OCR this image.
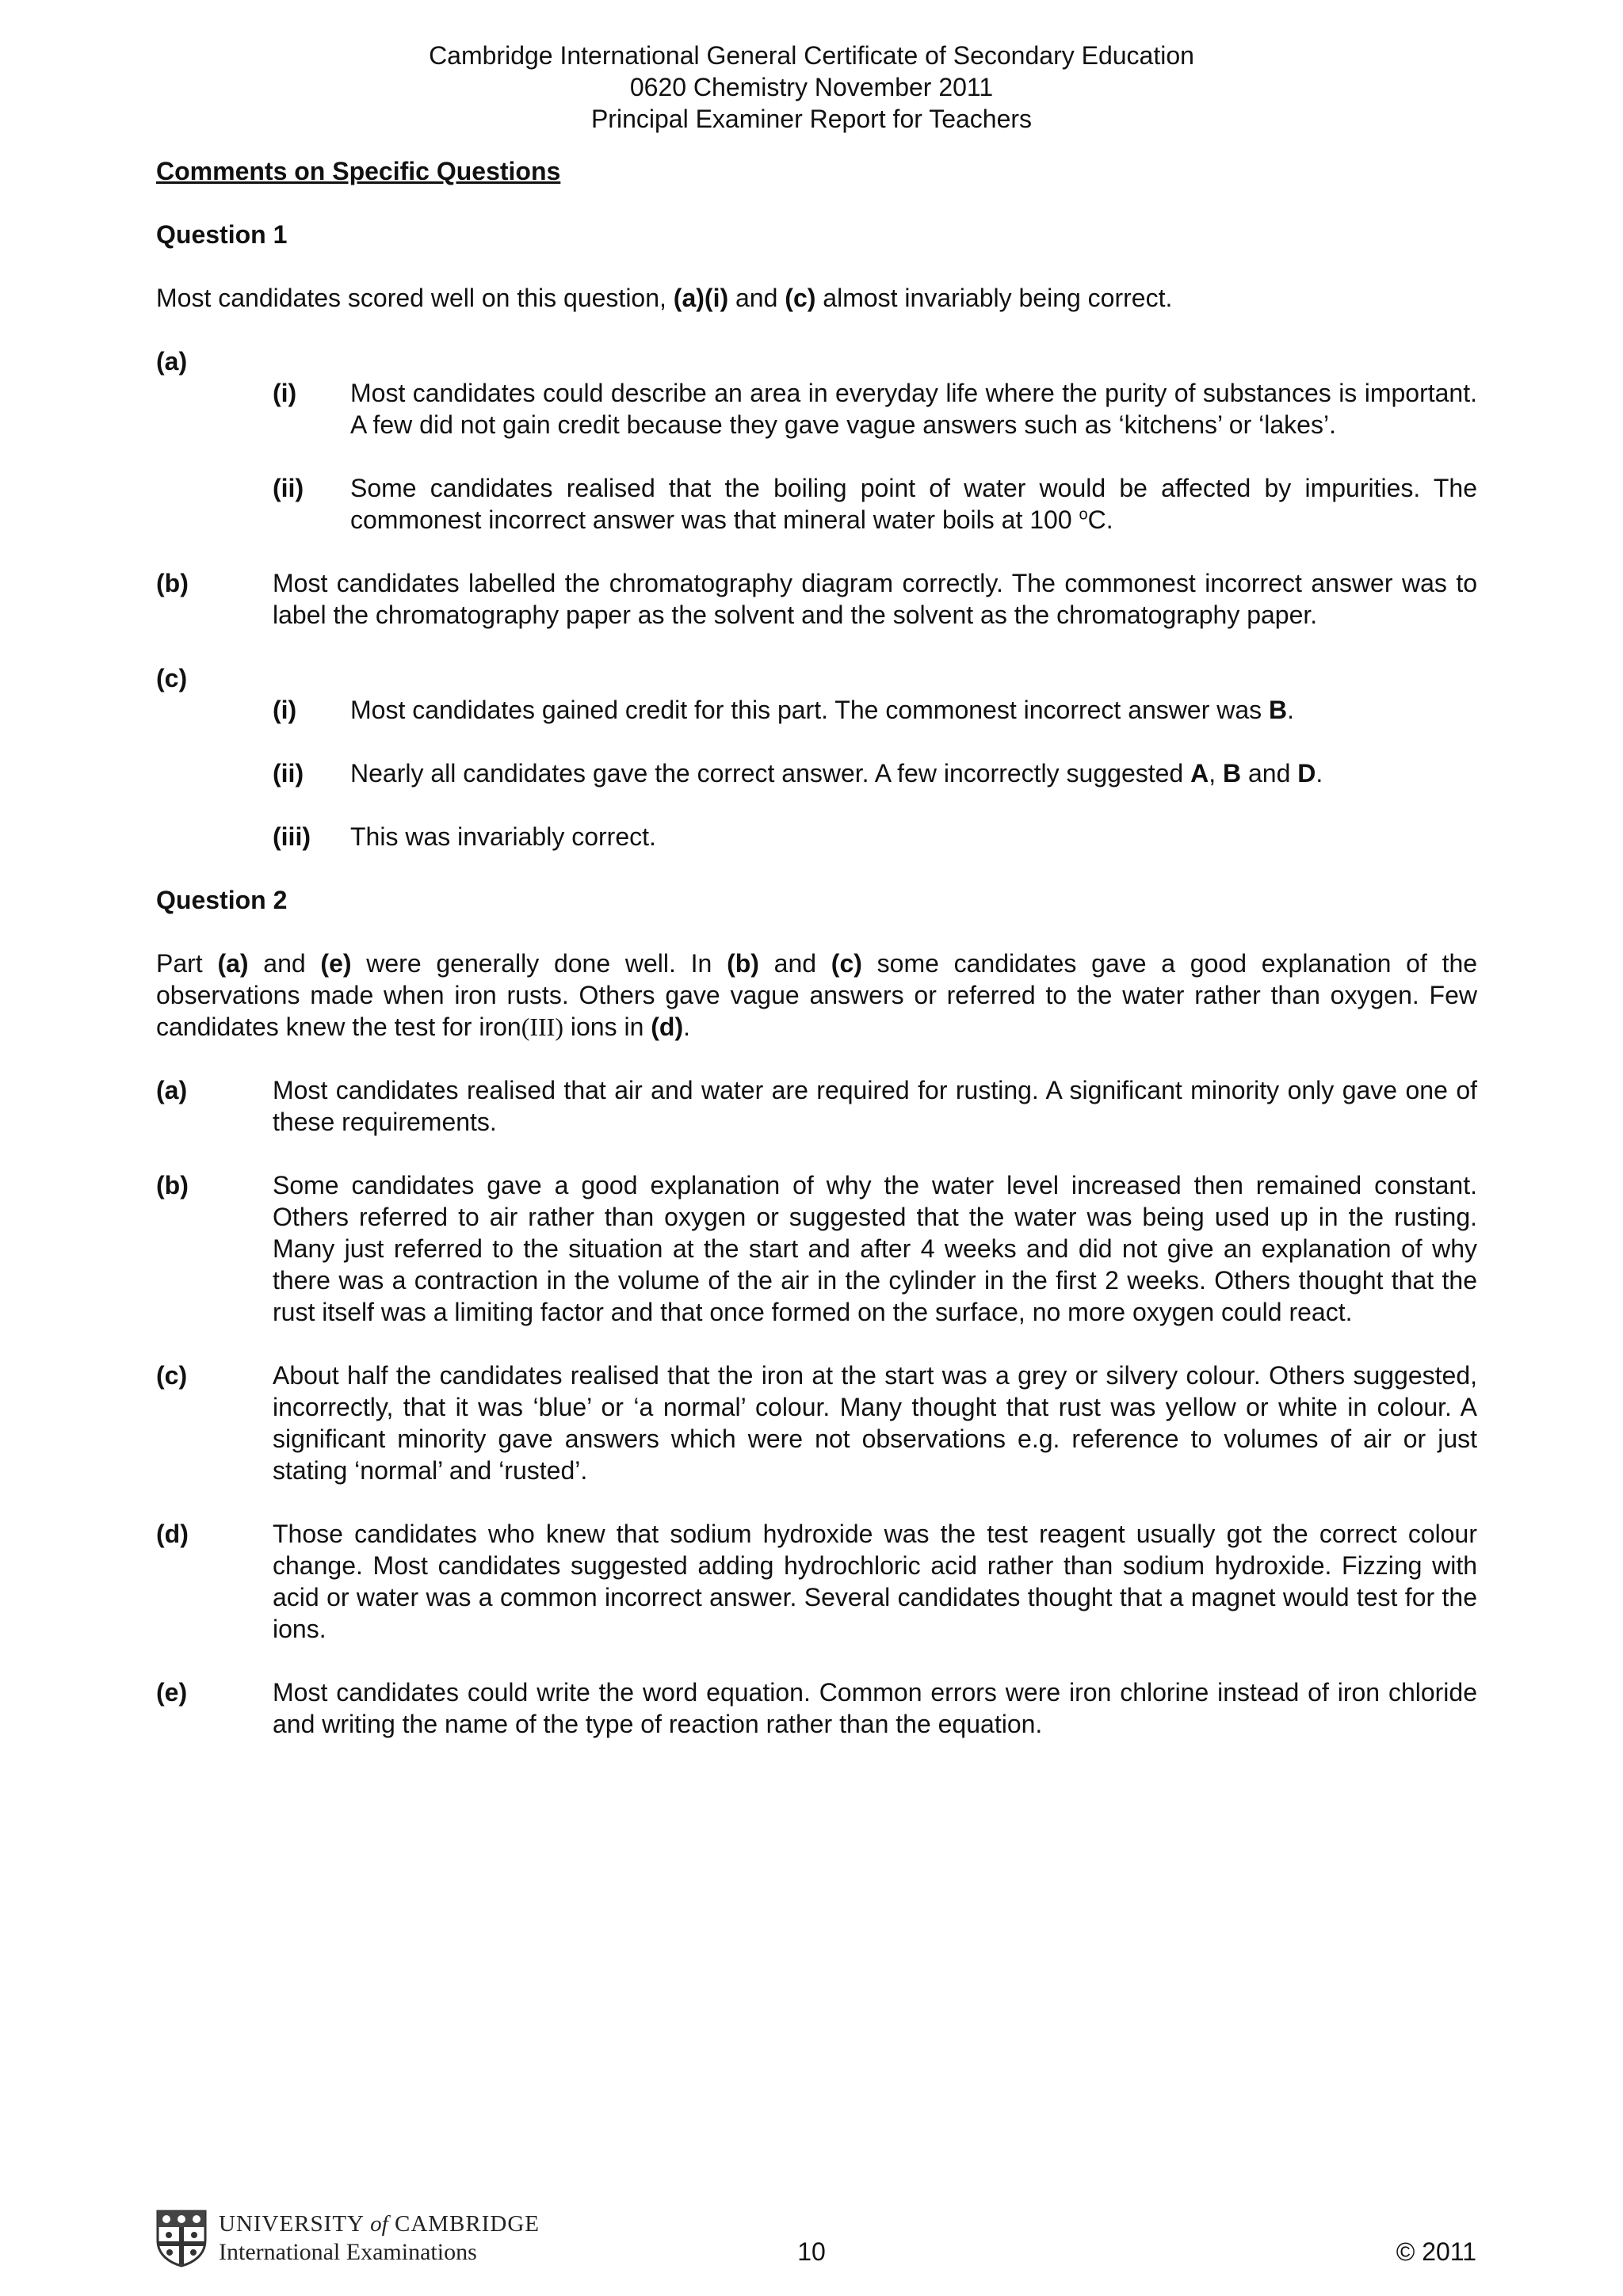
Cambridge International General Certificate of Secondary Education
0620 Chemistry November 2011
Principal Examiner Report for Teachers
Comments on Specific Questions
Question 1
Most candidates scored well on this question, (a)(i) and (c) almost invariably being correct.
(a)
(i)	Most candidates could describe an area in everyday life where the purity of substances is important. A few did not gain credit because they gave vague answers such as ‘kitchens’ or ‘lakes’.
(ii)	Some candidates realised that the boiling point of water would be affected by impurities. The commonest incorrect answer was that mineral water boils at 100 $^o$C.
(b)	Most candidates labelled the chromatography diagram correctly. The commonest incorrect answer was to label the chromatography paper as the solvent and the solvent as the chromatography paper.
(c)
(i)	Most candidates gained credit for this part. The commonest incorrect answer was B.
(ii)	Nearly all candidates gave the correct answer. A few incorrectly suggested A, B and D.
(iii)	This was invariably correct.
Question 2
Part (a) and (e) were generally done well. In (b) and (c) some candidates gave a good explanation of the observations made when iron rusts. Others gave vague answers or referred to the water rather than oxygen. Few candidates knew the test for iron(III) ions in (d).
(a)	Most candidates realised that air and water are required for rusting. A significant minority only gave one of these requirements.
(b)	Some candidates gave a good explanation of why the water level increased then remained constant. Others referred to air rather than oxygen or suggested that the water was being used up in the rusting. Many just referred to the situation at the start and after 4 weeks and did not give an explanation of why there was a contraction in the volume of the air in the cylinder in the first 2 weeks. Others thought that the rust itself was a limiting factor and that once formed on the surface, no more oxygen could react.
(c)	About half the candidates realised that the iron at the start was a grey or silvery colour. Others suggested, incorrectly, that it was ‘blue’ or ‘a normal’ colour. Many thought that rust was yellow or white in colour. A significant minority gave answers which were not observations e.g. reference to volumes of air or just stating ‘normal’ and ‘rusted’.
(d)	Those candidates who knew that sodium hydroxide was the test reagent usually got the correct colour change. Most candidates suggested adding hydrochloric acid rather than sodium hydroxide. Fizzing with acid or water was a common incorrect answer. Several candidates thought that a magnet would test for the ions.
(e)	Most candidates could write the word equation. Common errors were iron chlorine instead of iron chloride and writing the name of the type of reaction rather than the equation.
UNIVERSITY of CAMBRIDGE
International Examinations	10	© 2011
